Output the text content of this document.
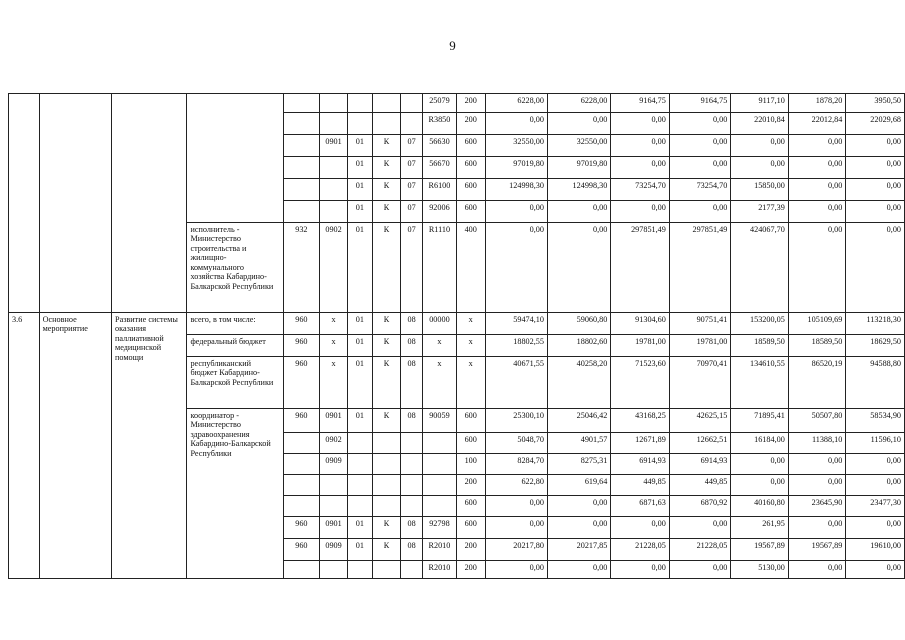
9
									25079	200	6228,00	6228,00	9164,75	9164,75	9117,10	1878,20	3950,50
									R3850	200	0,00	0,00	0,00	0,00	22010,84	22012,84	22029,68
					0901	01	К	07	56630	600	32550,00	32550,00	0,00	0,00	0,00	0,00	0,00
						01	К	07	56670	600	97019,80	97019,80	0,00	0,00	0,00	0,00	0,00
						01	К	07	R6100	600	124998,30	124998,30	73254,70	73254,70	15850,00	0,00	0,00
						01	К	07	92006	600	0,00	0,00	0,00	0,00	2177,39	0,00	0,00
			исполнитель - Министерство строительства и жилищно-коммунального хозяйства Кабардино-Балкарской Республики	932	0902	01	К	07	R1110	400	0,00	0,00	297851,49	297851,49	424067,70	0,00	0,00
3.6	Основное мероприятие	Развитие системы оказания паллиативной медицинской помощи	всего, в том числе:	960	х	01	К	08	00000	х	59474,10	59060,80	91304,60	90751,41	153200,05	105109,69	113218,30
			федеральный бюджет	960	х	01	К	08	х	х	18802,55	18802,60	19781,00	19781,00	18589,50	18589,50	18629,50
			республиканский бюджет Кабардино-Балкарской Республики	960	х	01	К	08	х	х	40671,55	40258,20	71523,60	70970,41	134610,55	86520,19	94588,80
			координатор - Министерство здравоохранения Кабардино-Балкарской Республики	960	0901	01	К	08	90059	600	25300,10	25046,42	43168,25	42625,15	71895,41	50507,80	58534,90
					0902					600	5048,70	4901,57	12671,89	12662,51	16184,00	11388,10	11596,10
					0909					100	8284,70	8275,31	6914,93	6914,93	0,00	0,00	0,00
										200	622,80	619,64	449,85	449,85	0,00	0,00	0,00
										600	0,00	0,00	6871,63	6870,92	40160,80	23645,90	23477,30
				960	0901	01	К	08	92798	600	0,00	0,00	0,00	0,00	261,95	0,00	0,00
				960	0909	01	К	08	R2010	200	20217,80	20217,85	21228,05	21228,05	19567,89	19567,89	19610,00
									R2010	200	0,00	0,00	0,00	0,00	5130,00	0,00	0,00
